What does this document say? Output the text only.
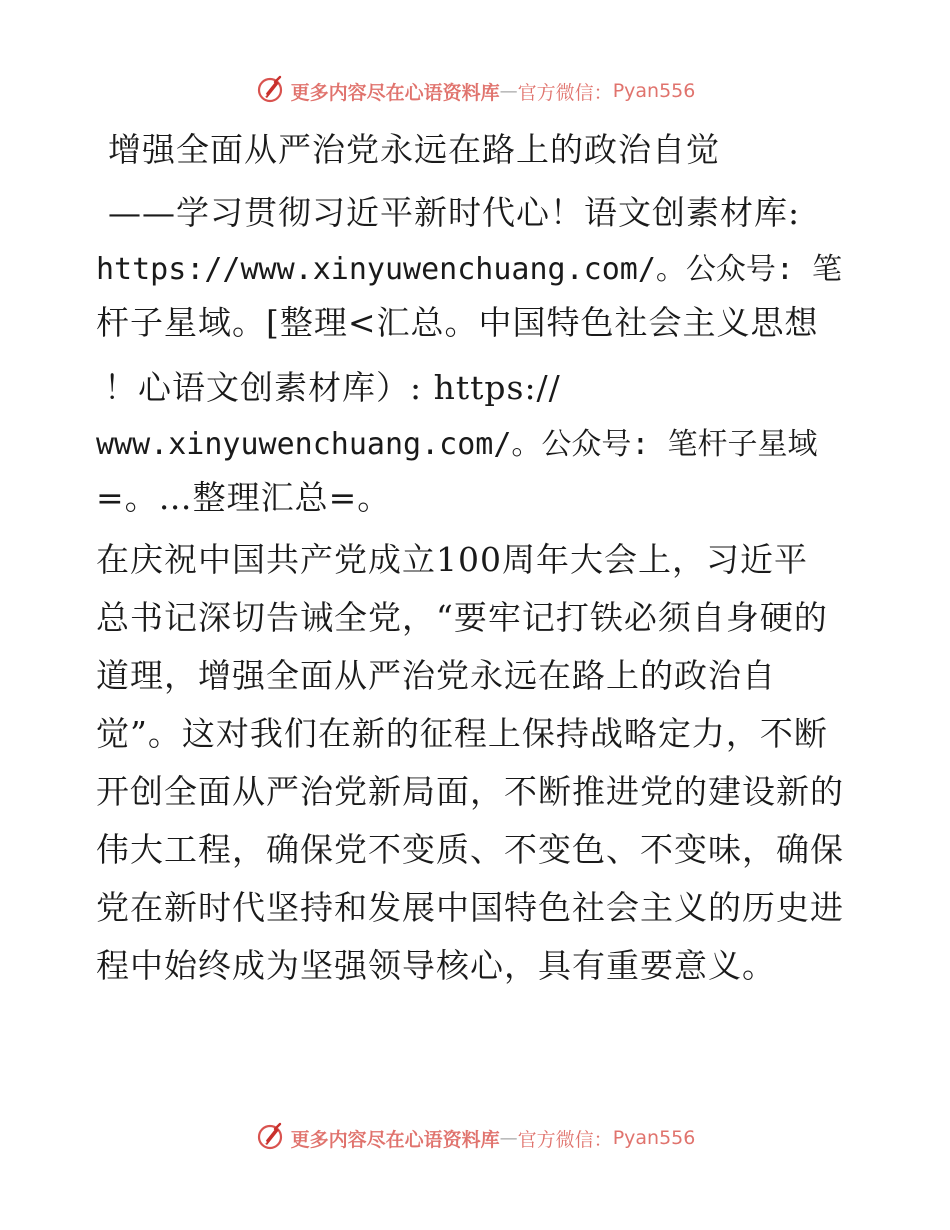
更多内容尽在心语资料库 — 官方微信： Pyan556
增强全面从严治党永远在路上的政治自觉
——学习贯彻习近平新时代心！语文创素材库:
https://www.xinyuwenchuang.com/。公众号: 笔
杆子星域。[整理<汇总。中国特色社会主义思想
！心语文创素材库）: https://
www.xinyuwenchuang.com/。公众号: 笔杆子星域
=。…整理汇总=。
在庆祝中国共产党成立100周年大会上，习近平
总书记深切告诫全党，“要牢记打铁必须自身硬的
道理，增强全面从严治党永远在路上的政治自
觉”。这对我们在新的征程上保持战略定力，不断
开创全面从严治党新局面，不断推进党的建设新的
伟大工程，确保党不变质、不变色、不变味，确保
党在新时代坚持和发展中国特色社会主义的历史进
程中始终成为坚强领导核心，具有重要意义。
更多内容尽在心语资料库 — 官方微信： Pyan556
